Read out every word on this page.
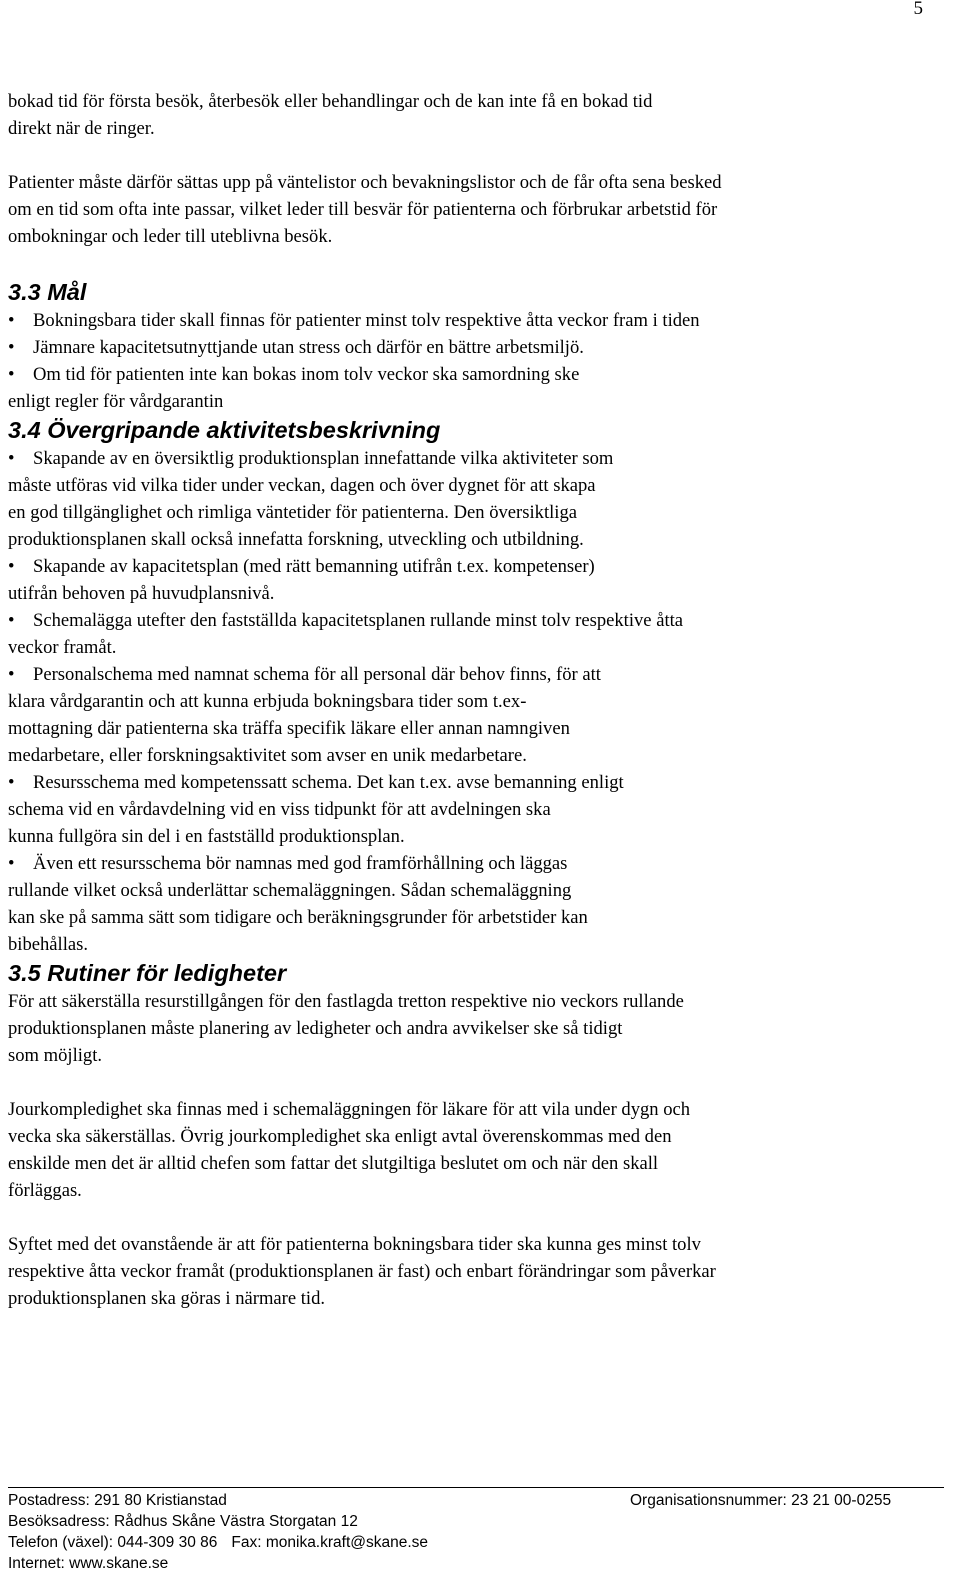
5
bokad tid för första besök, återbesök eller behandlingar och de kan inte få en bokad tid
direkt när de ringer.
Patienter måste därför sättas upp på väntelistor och bevakningslistor och de får ofta sena besked
om en tid som ofta inte passar, vilket leder till besvär för patienterna och förbrukar arbetstid för
ombokningar och leder till uteblivna besök.
3.3 Mål
• Bokningsbara tider skall finnas för patienter minst tolv respektive åtta veckor fram i tiden
• Jämnare kapacitetsutnyttjande utan stress och därför en bättre arbetsmiljö.
• Om tid för patienten inte kan bokas inom tolv veckor ska samordning ske
enligt regler för vårdgarantin
3.4 Övergripande aktivitetsbeskrivning
• Skapande av en översiktlig produktionsplan innefattande vilka aktiviteter som
måste utföras vid vilka tider under veckan, dagen och över dygnet för att skapa
en god tillgänglighet och rimliga väntetider för patienterna. Den översiktliga
produktionsplanen skall också innefatta forskning, utveckling och utbildning.
• Skapande av kapacitetsplan (med rätt bemanning utifrån t.ex. kompetenser)
utifrån behoven på huvudplansnivå.
• Schemalägga utefter den fastställda kapacitetsplanen rullande minst tolv respektive åtta
veckor framåt.
• Personalschema med namnat schema för all personal där behov finns, för att
klara vårdgarantin och att kunna erbjuda bokningsbara tider som t.ex-
mottagning där patienterna ska träffa specifik läkare eller annan namngiven
medarbetare, eller forskningsaktivitet som avser en unik medarbetare.
• Resursschema med kompetenssatt schema. Det kan t.ex. avse bemanning enligt
schema vid en vårdavdelning vid en viss tidpunkt för att avdelningen ska
kunna fullgöra sin del i en fastställd produktionsplan.
• Även ett resursschema bör namnas med god framförhållning och läggas
rullande vilket också underlättar schemaläggningen. Sådan schemaläggning
kan ske på samma sätt som tidigare och beräkningsgrunder för arbetstider kan
bibehållas.
3.5 Rutiner för ledigheter
För att säkerställa resurstillgången för den fastlagda tretton respektive nio veckors rullande
produktionsplanen måste planering av ledigheter och andra avvikelser ske så tidigt
som möjligt.
Jourkompledighet ska finnas med i schemaläggningen för läkare för att vila under dygn och
vecka ska säkerställas. Övrig jourkompledighet ska enligt avtal överenskommas med den
enskilde men det är alltid chefen som fattar det slutgiltiga beslutet om och när den skall
förläggas.
Syftet med det ovanstående är att för patienterna bokningsbara tider ska kunna ges minst tolv
respektive åtta veckor framåt (produktionsplanen är fast) och enbart förändringar som påverkar
produktionsplanen ska göras i närmare tid.
Postadress: 291 80 Kristianstad	Organisationsnummer: 23 21 00-0255
Besöksadress: Rådhus Skåne Västra Storgatan 12
Telefon (växel): 044-309 30 86 Fax: monika.kraft@skane.se
Internet: www.skane.se
